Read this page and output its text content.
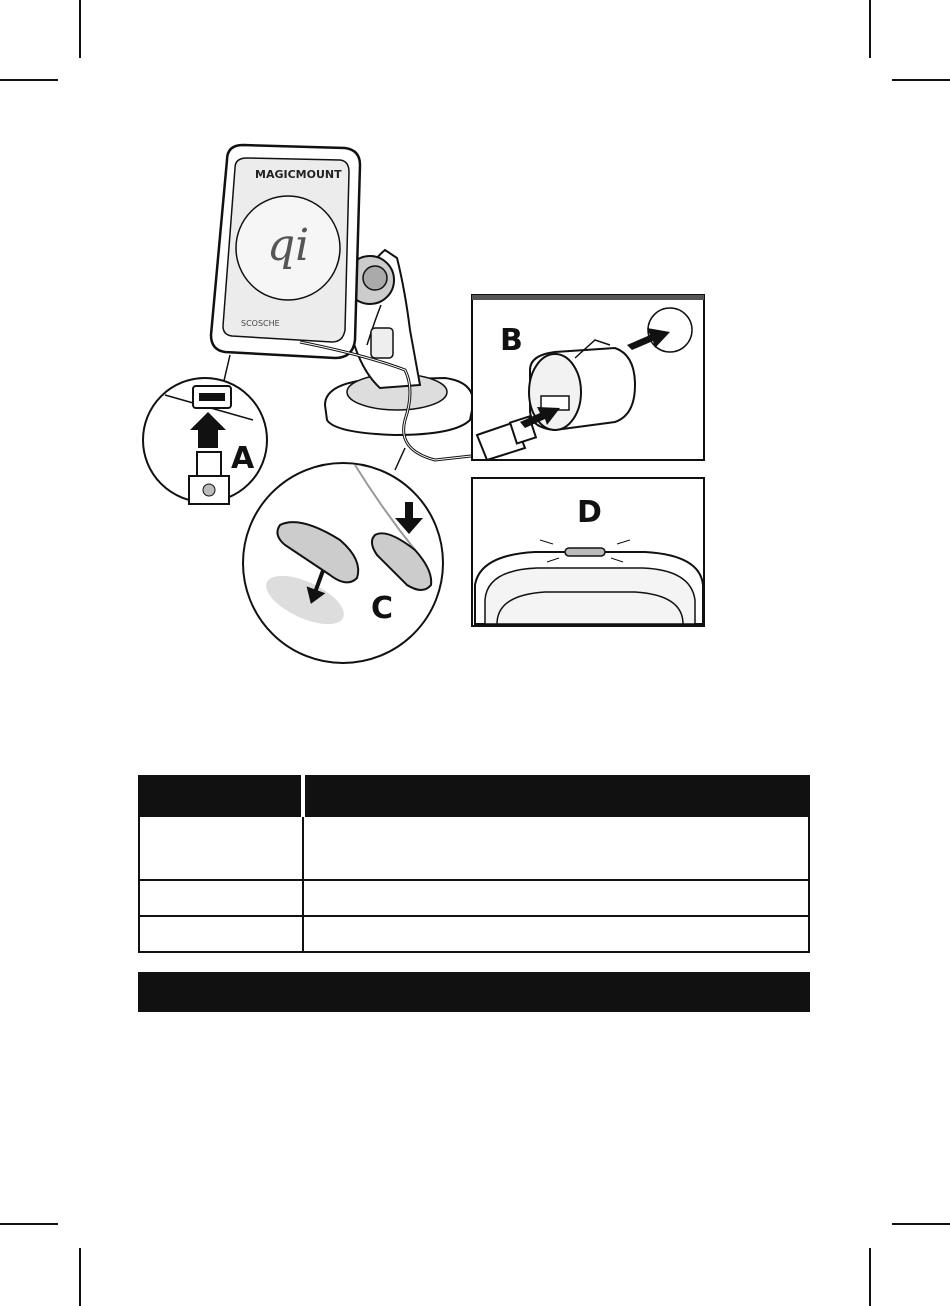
qi
MAGICMOUNT
SCOSCHE
A
C
B
D
